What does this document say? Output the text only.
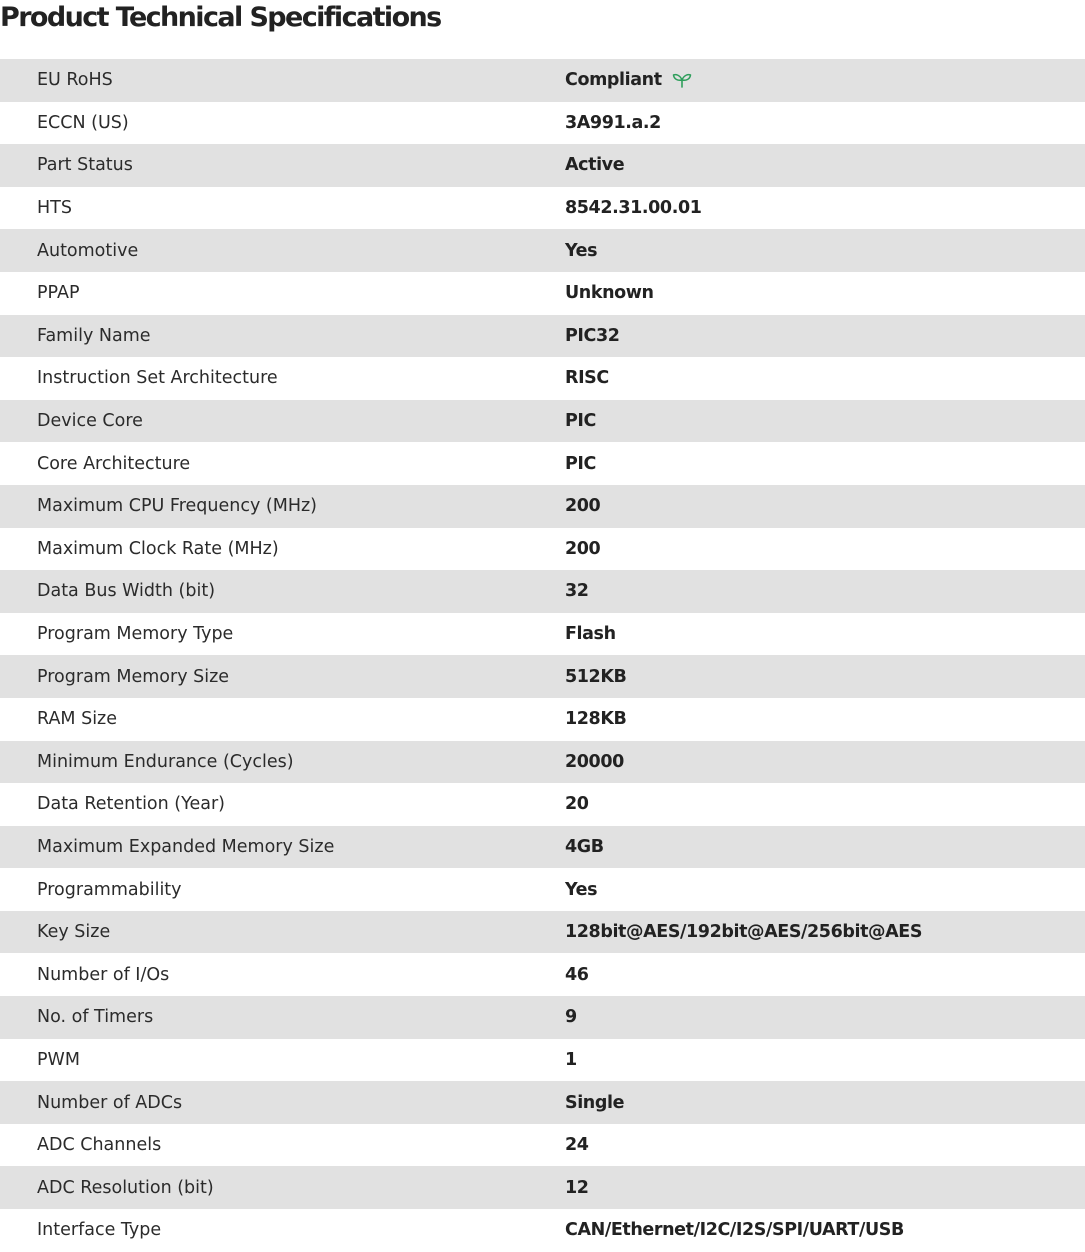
Product Technical Specifications
EU RoHS	Compliant
ECCN (US)	3A991.a.2
Part Status	Active
HTS	8542.31.00.01
Automotive	Yes
PPAP	Unknown
Family Name	PIC32
Instruction Set Architecture	RISC
Device Core	PIC
Core Architecture	PIC
Maximum CPU Frequency (MHz)	200
Maximum Clock Rate (MHz)	200
Data Bus Width (bit)	32
Program Memory Type	Flash
Program Memory Size	512KB
RAM Size	128KB
Minimum Endurance (Cycles)	20000
Data Retention (Year)	20
Maximum Expanded Memory Size	4GB
Programmability	Yes
Key Size	128bit@AES/192bit@AES/256bit@AES
Number of I/Os	46
No. of Timers	9
PWM	1
Number of ADCs	Single
ADC Channels	24
ADC Resolution (bit)	12
Interface Type	CAN/Ethernet/I2C/I2S/SPI/UART/USB
